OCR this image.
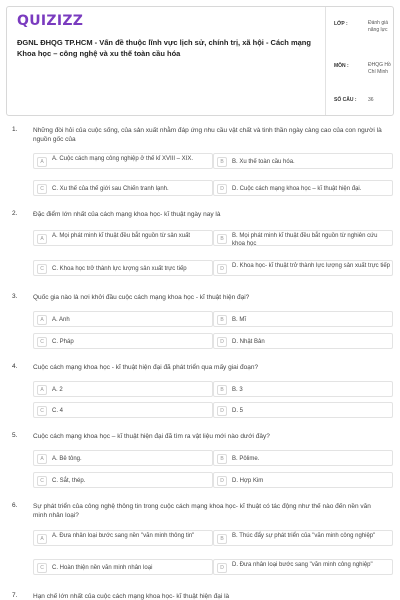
QUIZIZZ
ĐGNL ĐHQG TP.HCM - Vấn đề thuộc lĩnh vực lịch sử, chính trị, xã hội - Cách mạng Khoa học – công nghệ và xu thế toàn cầu hóa
LỚP :	Đánh giá năng lực
MÔN :	ĐHQG Hồ Chí Minh
SỐ CÂU : 36
1. Những đòi hỏi của cuộc sống, của sản xuất nhằm đáp ứng nhu cầu vật chất và tinh thần ngày càng cao của con người là nguồn gốc của
A	A. Cuộc cách mạng công nghiệp ở thế kỉ XVIII – XIX.	B	B. Xu thế toàn cầu hóa.
C	C. Xu thế của thế giới sau Chiến tranh lạnh.	D	D. Cuộc cách mạng khoa học – kĩ thuật hiện đại.
2. Đặc điểm lớn nhất của cách mạng khoa học- kĩ thuật ngày nay là
A	A. Mọi phát minh kĩ thuật đều bắt nguồn từ sản xuất	B	B. Mọi phát minh kĩ thuật đều bắt nguồn từ nghiên cứu khoa học
C	C. Khoa học trở thành lực lượng sản xuất trực tiếp	D	D. Khoa học- kĩ thuật trở thành lực lượng sản xuất trực tiếp
3. Quốc gia nào là nơi khởi đầu cuộc cách mạng khoa học - kĩ thuật hiện đại?
A	A. Anh	B	B. Mĩ
C	C. Pháp	D	D. Nhật Bản
4. Cuộc cách mạng khoa học - kĩ thuật hiện đại đã phát triển qua mấy giai đoạn?
A	A. 2	B	B. 3
C	C. 4	D	D. 5
5. Cuộc cách mạng khoa học – kĩ thuật hiện đại đã tìm ra vật liệu mới nào dưới đây?
A	A. Bê tông.	B	B. Pôlime.
C	C. Sắt, thép.	D	D. Hợp Kim
6. Sự phát triển của công nghệ thông tin trong cuộc cách mạng khoa học- kĩ thuật có tác động như thế nào đến nền văn minh nhân loại?
A	A. Đưa nhân loại bước sang nền "văn minh thông tin"	B	B. Thúc đẩy sự phát triển của "văn minh công nghiệp"
C	C. Hoàn thiện nền văn minh nhân loại	D	D. Đưa nhân loại bước sang "văn minh công nghiệp"
7. Hạn chế lớn nhất của cuộc cách mạng khoa học- kĩ thuật hiện đại là
